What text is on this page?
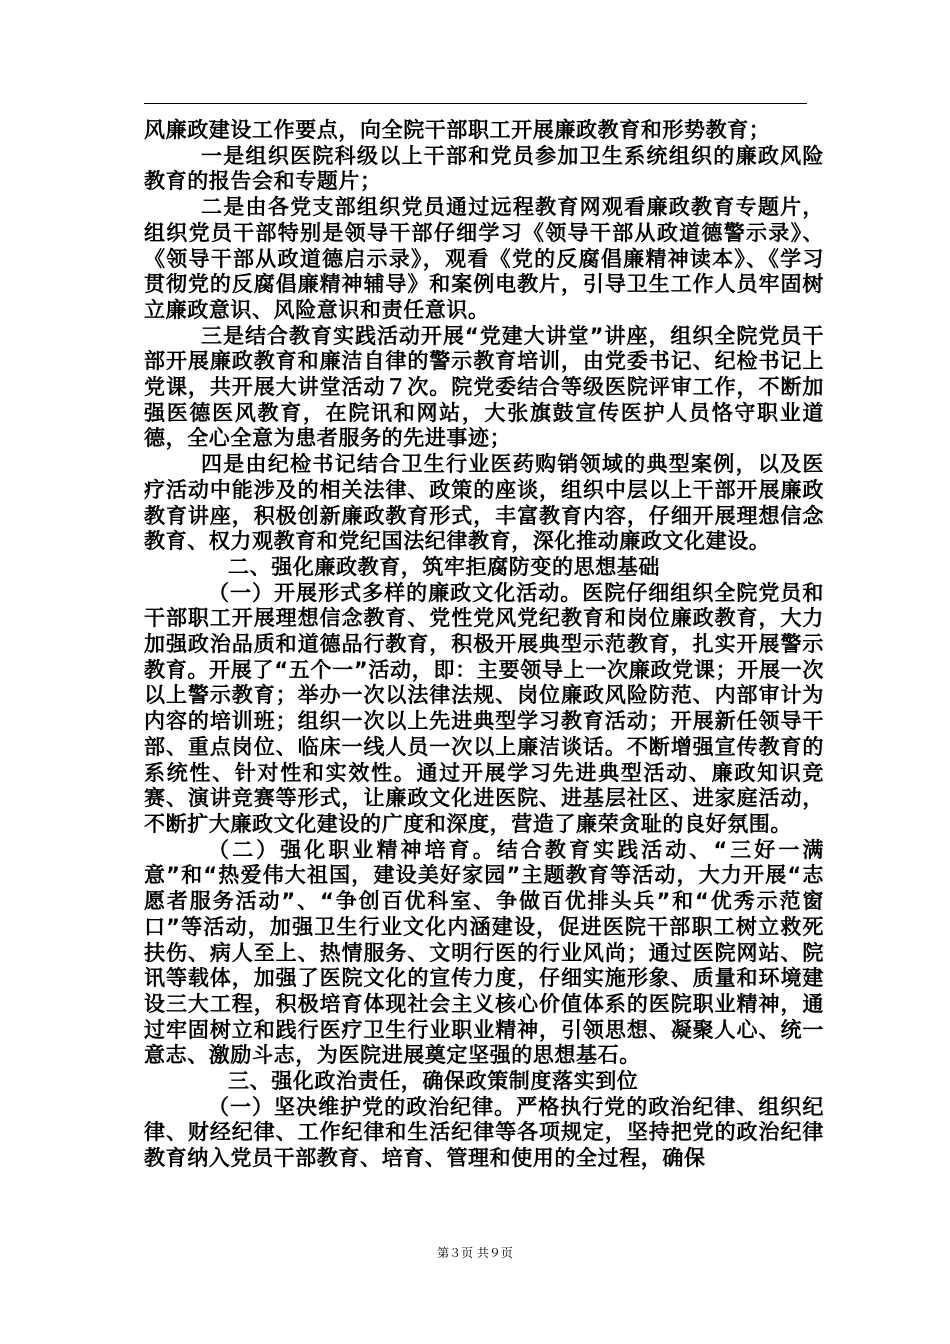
风廉政建设工作要点，向全院干部职工开展廉政教育和形势教育；

一是组织医院科级以上干部和党员参加卫生系统组织的廉政风险教育的报告会和专题片；

二是由各党支部组织党员通过远程教育网观看廉政教育专题片，组织党员干部特别是领导干部仔细学习《领导干部从政道德警示录》、《领导干部从政道德启示录》，观看《党的反腐倡廉精神读本》、《学习贯彻党的反腐倡廉精神辅导》和案例电教片，引导卫生工作人员牢固树立廉政意识、风险意识和责任意识。

三是结合教育实践活动开展“党建大讲堂”讲座，组织全院党员干部开展廉政教育和廉洁自律的警示教育培训，由党委书记、纪检书记上党课，共开展大讲堂活动７次。院党委结合等级医院评审工作，不断加强医德医风教育，在院讯和网站，大张旗鼓宣传医护人员恪守职业道德，全心全意为患者服务的先进事迹；

四是由纪检书记结合卫生行业医药购销领域的典型案例，以及医疗活动中能涉及的相关法律、政策的座谈，组织中层以上干部开展廉政教育讲座，积极创新廉政教育形式，丰富教育内容，仔细开展理想信念教育、权力观教育和党纪国法纪律教育，深化推动廉政文化建设。

二、强化廉政教育，筑牢拒腐防变的思想基础

（一）开展形式多样的廉政文化活动。医院仔细组织全院党员和干部职工开展理想信念教育、党性党风党纪教育和岗位廉政教育，大力加强政治品质和道德品行教育，积极开展典型示范教育，扎实开展警示教育。开展了“五个一”活动，即：主要领导上一次廉政党课；开展一次以上警示教育；举办一次以法律法规、岗位廉政风险防范、内部审计为内容的培训班；组织一次以上先进典型学习教育活动；开展新任领导干部、重点岗位、临床一线人员一次以上廉洁谈话。不断增强宣传教育的系统性、针对性和实效性。通过开展学习先进典型活动、廉政知识竞赛、演讲竞赛等形式，让廉政文化进医院、进基层社区、进家庭活动，不断扩大廉政文化建设的广度和深度，营造了廉荣贪耻的良好氛围。

（二）强化职业精神培育。结合教育实践活动、“三好一满意”和“热爱伟大祖国，建设美好家园”主题教育等活动，大力开展“志愿者服务活动”、“争创百优科室、争做百优排头兵”和“优秀示范窗口”等活动，加强卫生行业文化内涵建设，促进医院干部职工树立救死扶伤、病人至上、热情服务、文明行医的行业风尚；通过医院网站、院讯等载体，加强了医院文化的宣传力度，仔细实施形象、质量和环境建设三大工程，积极培育体现社会主义核心价值体系的医院职业精神，通过牢固树立和践行医疗卫生行业职业精神，引领思想、凝聚人心、统一意志、激励斗志，为医院进展奠定坚强的思想基石。

三、强化政治责任，确保政策制度落实到位

（一）坚决维护党的政治纪律。严格执行党的政治纪律、组织纪律、财经纪律、工作纪律和生活纪律等各项规定，坚持把党的政治纪律教育纳入党员干部教育、培育、管理和使用的全过程，确保

第３页 共９页
